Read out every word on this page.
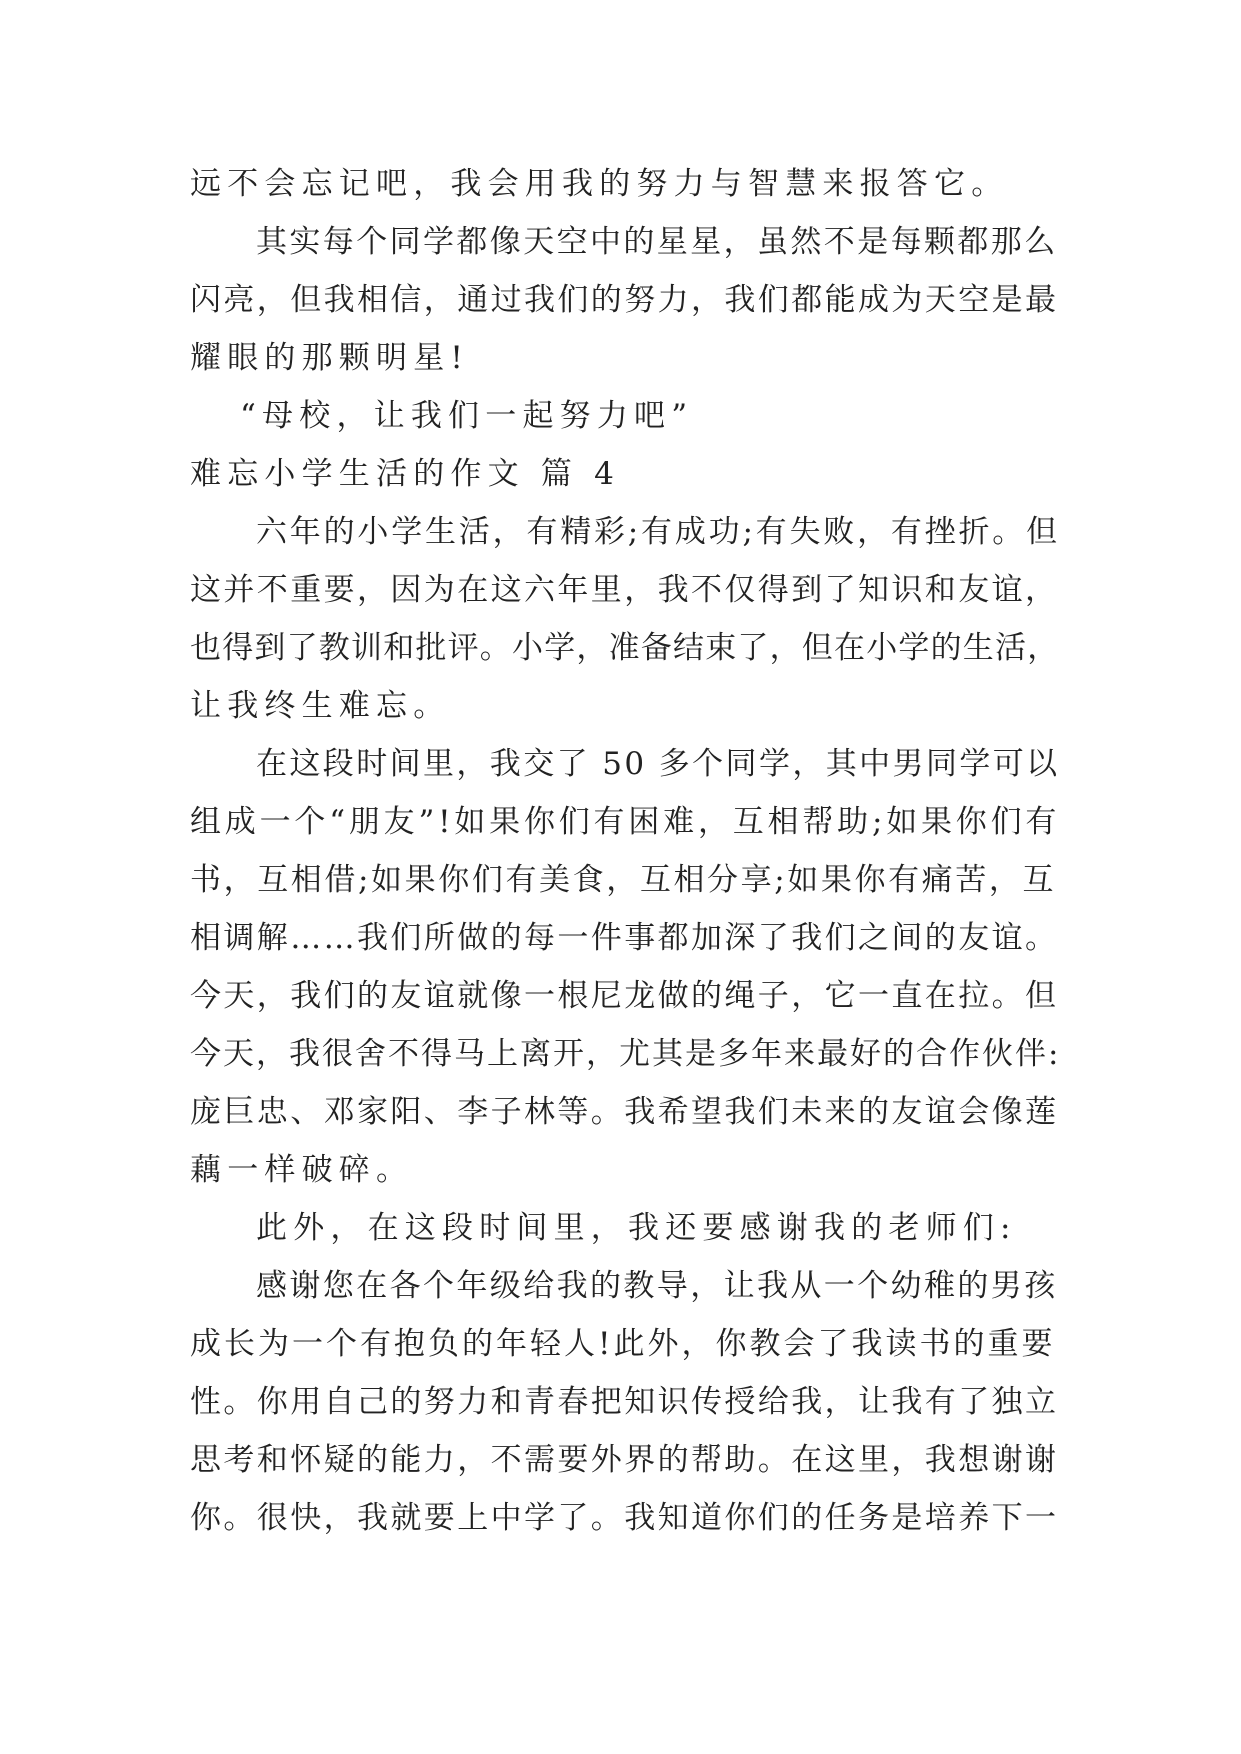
远不会忘记吧，我会用我的努力与智慧来报答它。
其实每个同学都像天空中的星星，虽然不是每颗都那么
闪亮，但我相信，通过我们的努力，我们都能成为天空是最
耀眼的那颗明星!
“母校，让我们一起努力吧”
难忘小学生活的作文 篇 4
六年的小学生活，有精彩;有成功;有失败，有挫折。但
这并不重要，因为在这六年里，我不仅得到了知识和友谊，
也得到了教训和批评。小学，准备结束了，但在小学的生活，
让我终生难忘。
在这段时间里，我交了 50 多个同学，其中男同学可以
组成一个“朋友”!如果你们有困难，互相帮助;如果你们有
书，互相借;如果你们有美食，互相分享;如果你有痛苦，互
相调解……我们所做的每一件事都加深了我们之间的友谊。
今天，我们的友谊就像一根尼龙做的绳子，它一直在拉。但
今天，我很舍不得马上离开，尤其是多年来最好的合作伙伴:
庞巨忠、邓家阳、李子林等。我希望我们未来的友谊会像莲
藕一样破碎。
此外，在这段时间里，我还要感谢我的老师们:
感谢您在各个年级给我的教导，让我从一个幼稚的男孩
成长为一个有抱负的年轻人!此外，你教会了我读书的重要
性。你用自己的努力和青春把知识传授给我，让我有了独立
思考和怀疑的能力，不需要外界的帮助。在这里，我想谢谢
你。很快，我就要上中学了。我知道你们的任务是培养下一
